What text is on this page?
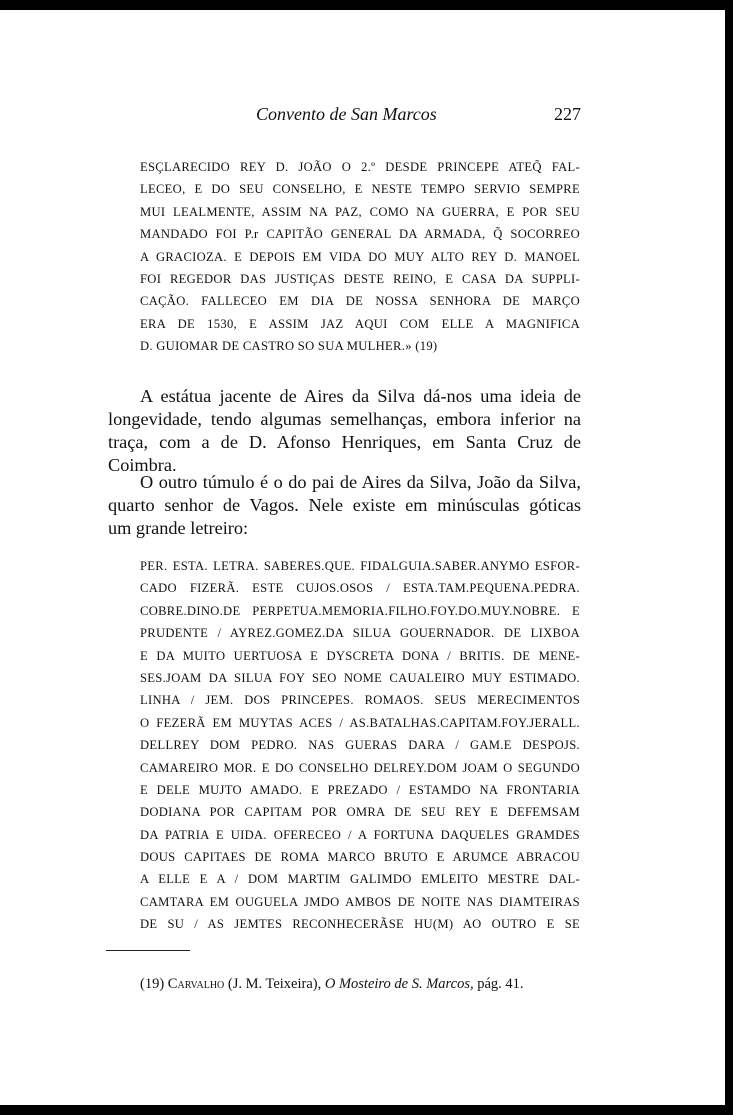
Convento de San Marcos	227
ESÇLARECIDO REY D. JOÃO O 2.º DESDE PRINCEPE ATEQ̃ FAL-
LECEO, E DO SEU CONSELHO, E NESTE TEMPO SERVIO SEMPRE
MUI LEALMENTE, ASSIM NA PAZ, COMO NA GUERRA, E POR SEU
MANDADO FOI P.r CAPITÃO GENERAL DA ARMADA, Q̃ SOCORREO
A GRACIOZA. E DEPOIS EM VIDA DO MUY ALTO REY D. MANOEL
FOI REGEDOR DAS JUSTIÇAS DESTE REINO, E CASA DA SUPPLI-
CAÇÃO. FALLECEO EM DIA DE NOSSA SENHORA DE MARÇO
ERA DE 1530, E ASSIM JAZ AQUI COM ELLE A MAGNIFICA
D. GUIOMAR DE CASTRO SO SUA MULHER.» (19)
A estátua jacente de Aires da Silva dá-nos uma ideia de
longevidade, tendo algumas semelhanças, embora inferior na
traça, com a de D. Afonso Henriques, em Santa Cruz de
Coimbra.
O outro túmulo é o do pai de Aires da Silva, João da Silva,
quarto senhor de Vagos. Nele existe em minúsculas góticas
um grande letreiro:
PER. ESTA. LETRA. SABERES.QUE. FIDALGUIA.SABER.ANYMO ESFOR-
CADO FIZERÃ. ESTE CUJOS.OSOS / ESTA.TAM.PEQUENA.PEDRA.
COBRE.DINO.DE PERPETUA.MEMORIA.FILHO.FOY.DO.MUY.NOBRE. E
PRUDENTE / AYREZ.GOMEZ.DA SILUA GOUERNADOR. DE LIXBOA
E DA MUITO UERTUOSA E DYSCRETA DONA / BRITIS. DE MENE-
SES.JOAM DA SILUA FOY SEO NOME CAUALEIRO MUY ESTIMADO.
LINHA / JEM. DOS PRINCEPES. ROMAOS. SEUS MERECIMENTOS
O FEZERÃ EM MUYTAS ACES / AS.BATALHAS.CAPITAM.FOY.JERALL.
DELLREY DOM PEDRO. NAS GUERAS DARA / GAM.E DESPOJS.
CAMAREIRO MOR. E DO CONSELHO DELREY.DOM JOAM O SEGUNDO
E DELE MUJTO AMADO. E PREZADO / ESTAMDO NA FRONTARIA
DODIANA POR CAPITAM POR OMRA DE SEU REY E DEFEMSAM
DA PATRIA E UIDA. OFERECEO / A FORTUNA DAQUELES GRAMDES
DOUS CAPITAES DE ROMA MARCO BRUTO E ARUMCE ABRACOU
A ELLE E A / DOM MARTIM GALIMDO EMLEITO MESTRE DAL-
CAMTARA EM OUGUELA JMDO AMBOS DE NOITE NAS DIAMTEIRAS
DE SU / AS JEMTES RECONHECERÃSE HU(M) AO OUTRO E SE
(19) Carvalho (J. M. Teixeira), O Mosteiro de S. Marcos, pág. 41.
